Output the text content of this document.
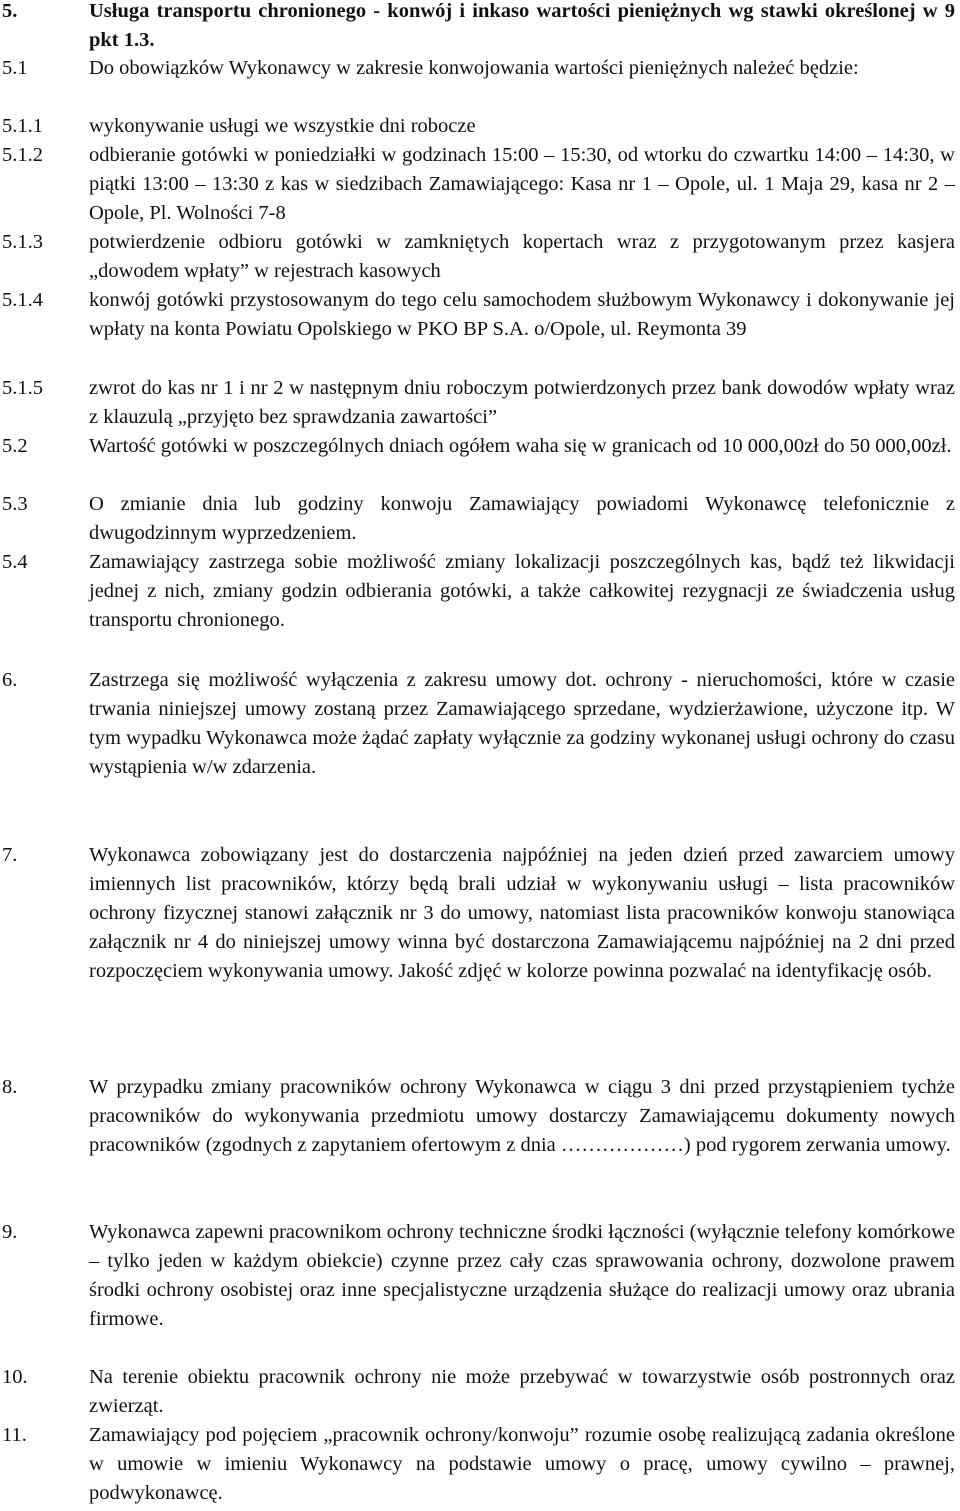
5.	Usługa transportu chronionego - konwój i inkaso wartości pieniężnych wg stawki określonej w 9 pkt 1.3.
5.1	Do obowiązków Wykonawcy w zakresie konwojowania wartości pieniężnych należeć będzie:
5.1.1 wykonywanie usługi we wszystkie dni robocze
5.1.2 odbieranie gotówki w poniedziałki w godzinach 15:00 – 15:30, od wtorku do czwartku 14:00 – 14:30, w piątki 13:00 – 13:30 z kas w siedzibach Zamawiającego: Kasa nr 1 – Opole, ul. 1 Maja 29, kasa nr 2 – Opole, Pl. Wolności 7-8
5.1.3 potwierdzenie odbioru gotówki w zamkniętych kopertach wraz z przygotowanym przez kasjera „dowodem wpłaty” w rejestrach kasowych
5.1.4 konwój gotówki przystosowanym do tego celu samochodem służbowym Wykonawcy i dokonywanie jej wpłaty na konta Powiatu Opolskiego w PKO BP S.A. o/Opole, ul. Reymonta 39
5.1.5 zwrot do kas nr 1 i nr 2 w następnym dniu roboczym potwierdzonych przez bank dowodów wpłaty wraz z klauzulą „przyjęto bez sprawdzania zawartości”
5.2	Wartość gotówki w poszczególnych dniach ogółem waha się w granicach od 10 000,00zł do 50 000,00zł.
5.3	O zmianie dnia lub godziny konwoju Zamawiający powiadomi Wykonawcę telefonicznie z dwugodzinnym wyprzedzeniem.
5.4	Zamawiający zastrzega sobie możliwość zmiany lokalizacji poszczególnych kas, bądź też likwidacji jednej z nich, zmiany godzin odbierania gotówki, a także całkowitej rezygnacji ze świadczenia usług transportu chronionego.
6.	Zastrzega się możliwość wyłączenia z zakresu umowy dot. ochrony - nieruchomości, które w czasie trwania niniejszej umowy zostaną przez Zamawiającego sprzedane, wydzierżawione, użyczone itp. W tym wypadku Wykonawca może żądać zapłaty wyłącznie za godziny wykonanej usługi ochrony do czasu wystąpienia w/w zdarzenia.
7.	Wykonawca zobowiązany jest do dostarczenia najpóźniej na jeden dzień przed zawarciem umowy imiennych list pracowników, którzy będą brali udział w wykonywaniu usługi – lista pracowników ochrony fizycznej stanowi załącznik nr 3 do umowy, natomiast lista pracowników konwoju stanowiąca załącznik nr 4 do niniejszej umowy winna być dostarczona Zamawiającemu najpóźniej na 2 dni przed rozpoczęciem wykonywania umowy. Jakość zdjęć w kolorze powinna pozwalać na identyfikację osób.
8.	W przypadku zmiany pracowników ochrony Wykonawca w ciągu 3 dni przed przystąpieniem tychże pracowników do wykonywania przedmiotu umowy dostarczy Zamawiającemu dokumenty nowych pracowników (zgodnych z zapytaniem ofertowym z dnia ………………) pod rygorem zerwania umowy.
9.	Wykonawca zapewni pracownikom ochrony techniczne środki łączności (wyłącznie telefony komórkowe – tylko jeden w każdym obiekcie) czynne przez cały czas sprawowania ochrony, dozwolone prawem środki ochrony osobistej oraz inne specjalistyczne urządzenia służące do realizacji umowy oraz ubrania firmowe.
10.	Na terenie obiektu pracownik ochrony nie może przebywać w towarzystwie osób postronnych oraz zwierząt.
11.	Zamawiający pod pojęciem „pracownik ochrony/konwoju” rozumie osobę realizującą zadania określone w umowie w imieniu Wykonawcy na podstawie umowy o pracę, umowy cywilno – prawnej, podwykonawcę.
